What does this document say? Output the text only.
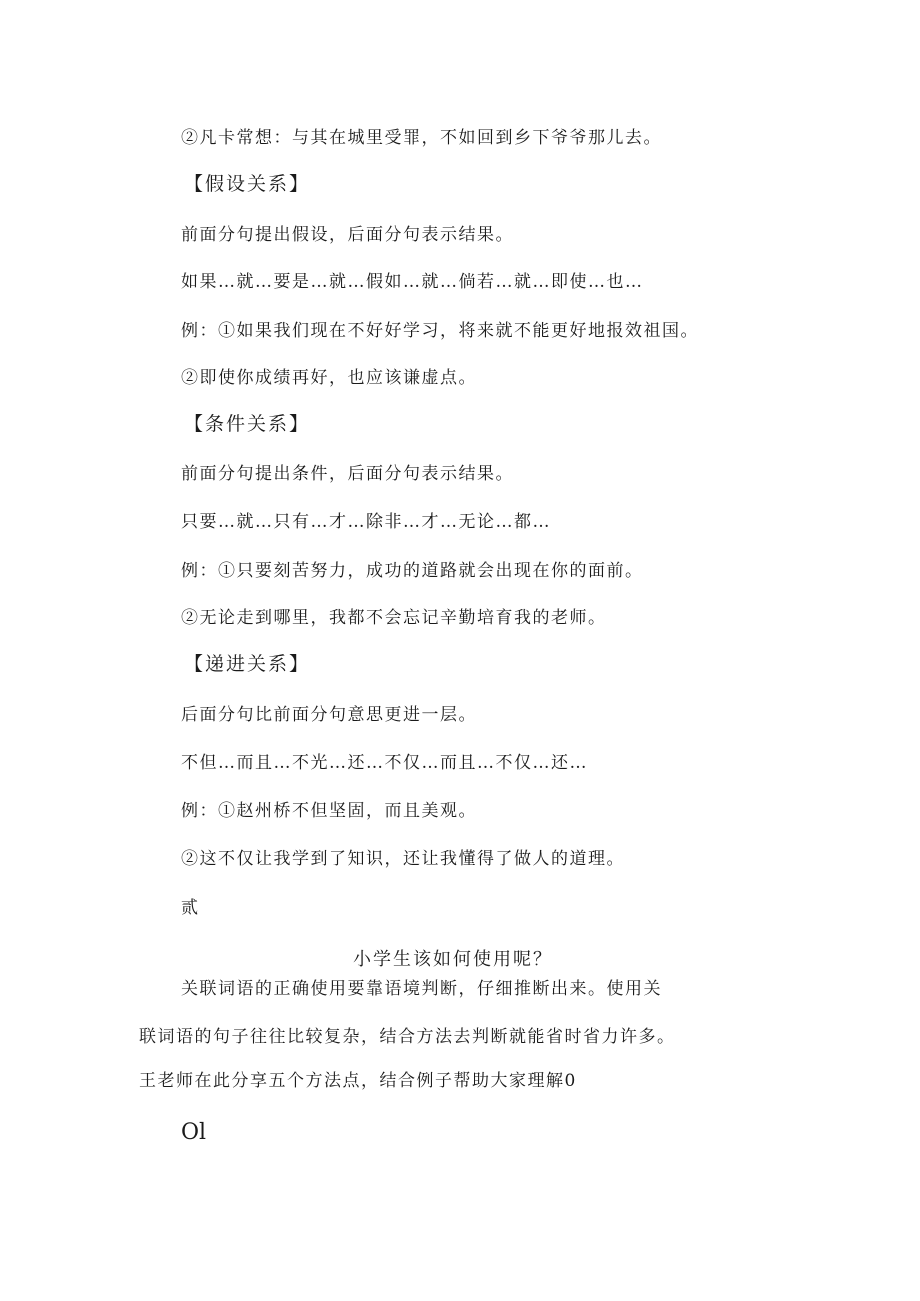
②凡卡常想：与其在城里受罪，不如回到乡下爷爷那儿去。
【假设关系】
前面分句提出假设，后面分句表示结果。
如果…就…要是…就…假如…就…倘若…就…即使…也…
例：①如果我们现在不好好学习，将来就不能更好地报效祖国。
②即使你成绩再好，也应该谦虚点。
【条件关系】
前面分句提出条件，后面分句表示结果。
只要…就…只有…才…除非…才…无论…都…
例：①只要刻苦努力，成功的道路就会出现在你的面前。
②无论走到哪里，我都不会忘记辛勤培育我的老师。
【递进关系】
后面分句比前面分句意思更进一层。
不但…而且…不光…还…不仅…而且…不仅…还…
例：①赵州桥不但坚固，而且美观。
②这不仅让我学到了知识，还让我懂得了做人的道理。
贰
小学生该如何使用呢？
关联词语的正确使用要靠语境判断，仔细推断出来。使用关
联词语的句子往往比较复杂，结合方法去判断就能省时省力许多。
王老师在此分享五个方法点，结合例子帮助大家理解0
Ol
